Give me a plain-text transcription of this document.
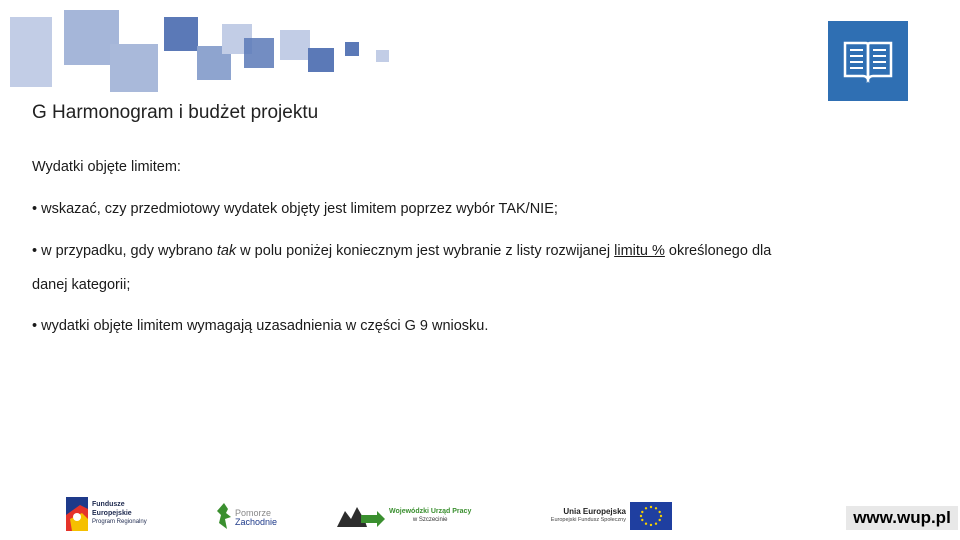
G Harmonogram i budżet projektu
Wydatki objęte limitem:
• wskazać, czy przedmiotowy wydatek objęty jest limitem poprzez wybór TAK/NIE;
• w przypadku, gdy wybrano tak w polu poniżej koniecznym jest wybranie z listy rozwijanej limitu % określonego dla
danej kategorii;
• wydatki objęte limitem wymagają uzasadnienia w części G 9 wniosku.
Fundusze
Europejskie
Program Regionalny
Pomorze
Zachodnie
Wojewódzki Urząd Pracy
w Szczecinie
Unia Europejska
Europejski Fundusz Społeczny	www.wup.pl
